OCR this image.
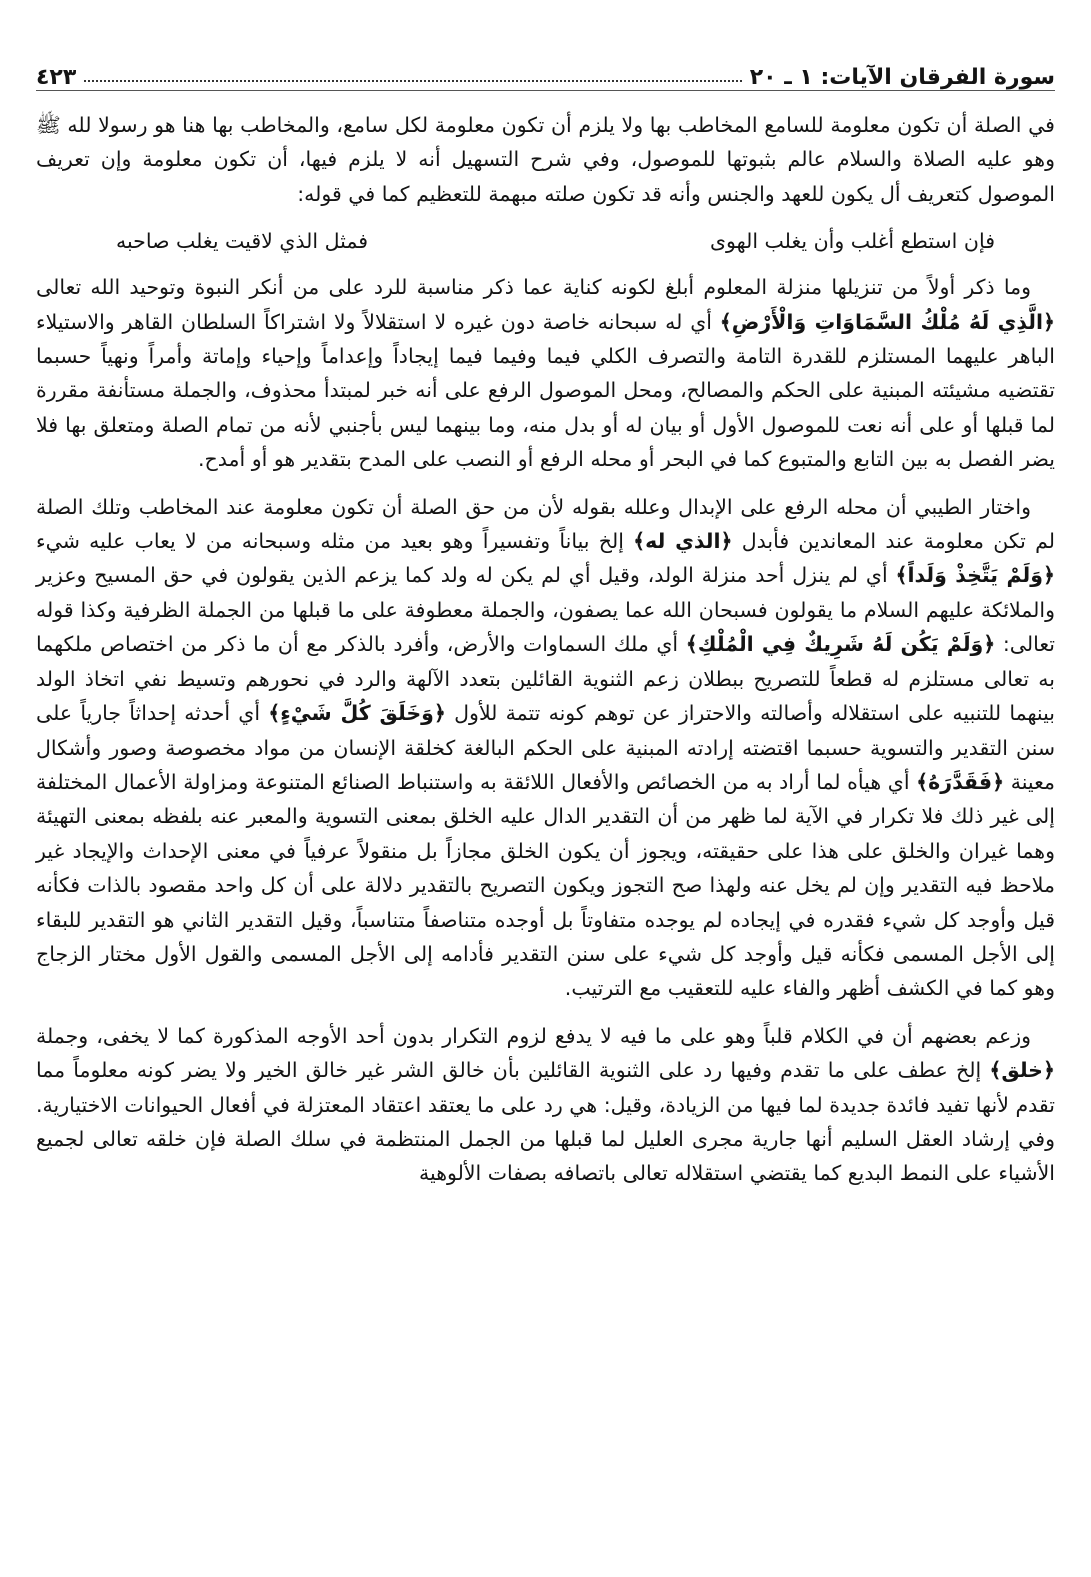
سورة الفرقان الآيات: ١ ـ ٢٠
٤٢٣

في الصلة أن تكون معلومة للسامع المخاطب بها ولا يلزم أن تكون معلومة لكل سامع، والمخاطب بها هنا هو رسولا لله ﷺ وهو عليه الصلاة والسلام عالم بثبوتها للموصول، وفي شرح التسهيل أنه لا يلزم فيها، أن تكون معلومة وإن تعريف الموصول كتعريف أل يكون للعهد والجنس وأنه قد تكون صلته مبهمة للتعظيم كما في قوله:

فإن استطع أغلب وأن يغلب الهوى
فمثل الذي لاقيت يغلب صاحبه

وما ذكر أولاً من تنزيلها منزلة المعلوم أبلغ لكونه كناية عما ذكر مناسبة للرد على من أنكر النبوة وتوحيد الله تعالى ﴿الَّذِي لَهُ مُلْكُ السَّمَاوَاتِ وَالْأَرْضِ﴾ أي له سبحانه خاصة دون غيره لا استقلالاً ولا اشتراكاً السلطان القاهر والاستيلاء الباهر عليهما المستلزم للقدرة التامة والتصرف الكلي فيما وفيما فيما إيجاداً وإعداماً وإحياء وإماتة وأمراً ونهياً حسبما تقتضيه مشيئته المبنية على الحكم والمصالح، ومحل الموصول الرفع على أنه خبر لمبتدأ محذوف، والجملة مستأنفة مقررة لما قبلها أو على أنه نعت للموصول الأول أو بيان له أو بدل منه، وما بينهما ليس بأجنبي لأنه من تمام الصلة ومتعلق بها فلا يضر الفصل به بين التابع والمتبوع كما في البحر أو محله الرفع أو النصب على المدح بتقدير هو أو أمدح.

واختار الطيبي أن محله الرفع على الإبدال وعلله بقوله لأن من حق الصلة أن تكون معلومة عند المخاطب وتلك الصلة لم تكن معلومة عند المعاندين فأبدل ﴿الذي له﴾ إلخ بياناً وتفسيراً وهو بعيد من مثله وسبحانه من لا يعاب عليه شيء ﴿وَلَمْ يَتَّخِذْ وَلَداً﴾ أي لم ينزل أحد منزلة الولد، وقيل أي لم يكن له ولد كما يزعم الذين يقولون في حق المسيح وعزير والملائكة عليهم السلام ما يقولون فسبحان الله عما يصفون، والجملة معطوفة على ما قبلها من الجملة الظرفية وكذا قوله تعالى: ﴿وَلَمْ يَكُن لَهُ شَرِيكٌ فِي الْمُلْكِ﴾ أي ملك السماوات والأرض، وأفرد بالذكر مع أن ما ذكر من اختصاص ملكهما به تعالى مستلزم له قطعاً للتصريح ببطلان زعم الثنوية القائلين بتعدد الآلهة والرد في نحورهم وتسيط نفي اتخاذ الولد بينهما للتنبيه على استقلاله وأصالته والاحتراز عن توهم كونه تتمة للأول ﴿وَخَلَقَ كُلَّ شَيْءٍ﴾ أي أحدثه إحداثاً جارياً على سنن التقدير والتسوية حسبما اقتضته إرادته المبنية على الحكم البالغة كخلقة الإنسان من مواد مخصوصة وصور وأشكال معينة ﴿فَقَدَّرَهُ﴾ أي هيأه لما أراد به من الخصائص والأفعال اللائقة به واستنباط الصنائع المتنوعة ومزاولة الأعمال المختلفة إلى غير ذلك فلا تكرار في الآية لما ظهر من أن التقدير الدال عليه الخلق بمعنى التسوية والمعبر عنه بلفظه بمعنى التهيئة وهما غيران والخلق على هذا على حقيقته، ويجوز أن يكون الخلق مجازاً بل منقولاً عرفياً في معنى الإحداث والإيجاد غير ملاحظ فيه التقدير وإن لم يخل عنه ولهذا صح التجوز ويكون التصريح بالتقدير دلالة على أن كل واحد مقصود بالذات فكأنه قيل وأوجد كل شيء فقدره في إيجاده لم يوجده متفاوتاً بل أوجده متناصفاً متناسباً، وقيل التقدير الثاني هو التقدير للبقاء إلى الأجل المسمى فكأنه قيل وأوجد كل شيء على سنن التقدير فأدامه إلى الأجل المسمى والقول الأول مختار الزجاج وهو كما في الكشف أظهر والفاء عليه للتعقيب مع الترتيب.

وزعم بعضهم أن في الكلام قلباً وهو على ما فيه لا يدفع لزوم التكرار بدون أحد الأوجه المذكورة كما لا يخفى، وجملة ﴿خلق﴾ إلخ عطف على ما تقدم وفيها رد على الثنوية القائلين بأن خالق الشر غير خالق الخير ولا يضر كونه معلوماً مما تقدم لأنها تفيد فائدة جديدة لما فيها من الزيادة، وقيل: هي رد على ما يعتقد اعتقاد المعتزلة في أفعال الحيوانات الاختيارية. وفي إرشاد العقل السليم أنها جارية مجرى العليل لما قبلها من الجمل المنتظمة في سلك الصلة فإن خلقه تعالى لجميع الأشياء على النمط البديع كما يقتضي استقلاله تعالى باتصافه بصفات الألوهية
